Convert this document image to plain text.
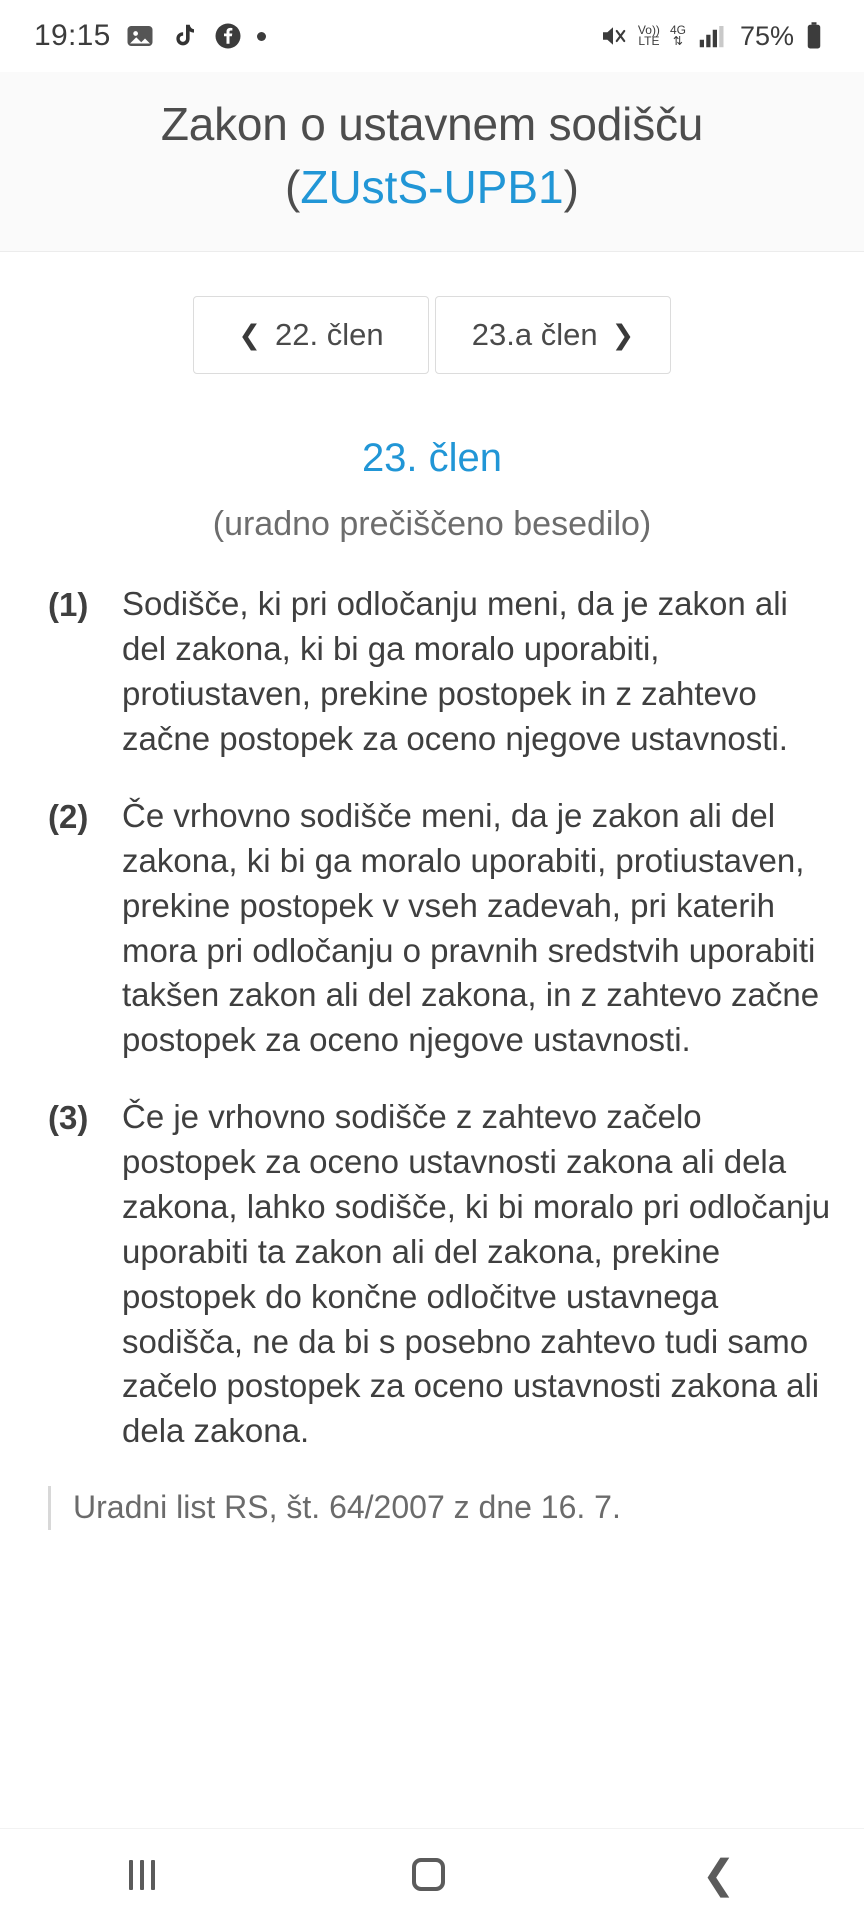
19:15	Vo))
LTE
4G
⇅ 75%
Zakon o ustavnem sodišču
(ZUstS-UPB1)
❮ 22. člen	23.a člen ❯
23. člen
(uradno prečiščeno besedilo)
(1)	Sodišče, ki pri odločanju meni, da je zakon ali del zakona, ki bi ga moralo uporabiti, protiustaven, prekine postopek in z zahtevo začne postopek za oceno njegove ustavnosti.
(2)	Če vrhovno sodišče meni, da je zakon ali del zakona, ki bi ga moralo uporabiti, protiustaven, prekine postopek v vseh zadevah, pri katerih mora pri odločanju o pravnih sredstvih uporabiti takšen zakon ali del zakona, in z zahtevo začne postopek za oceno njegove ustavnosti.
(3)	Če je vrhovno sodišče z zahtevo začelo postopek za oceno ustavnosti zakona ali dela zakona, lahko sodišče, ki bi moralo pri odločanju uporabiti ta zakon ali del zakona, prekine postopek do končne odločitve ustavnega sodišča, ne da bi s posebno zahtevo tudi samo začelo postopek za oceno ustavnosti zakona ali dela zakona.
Uradni list RS, št. 64/2007 z dne 16. 7.
❮
